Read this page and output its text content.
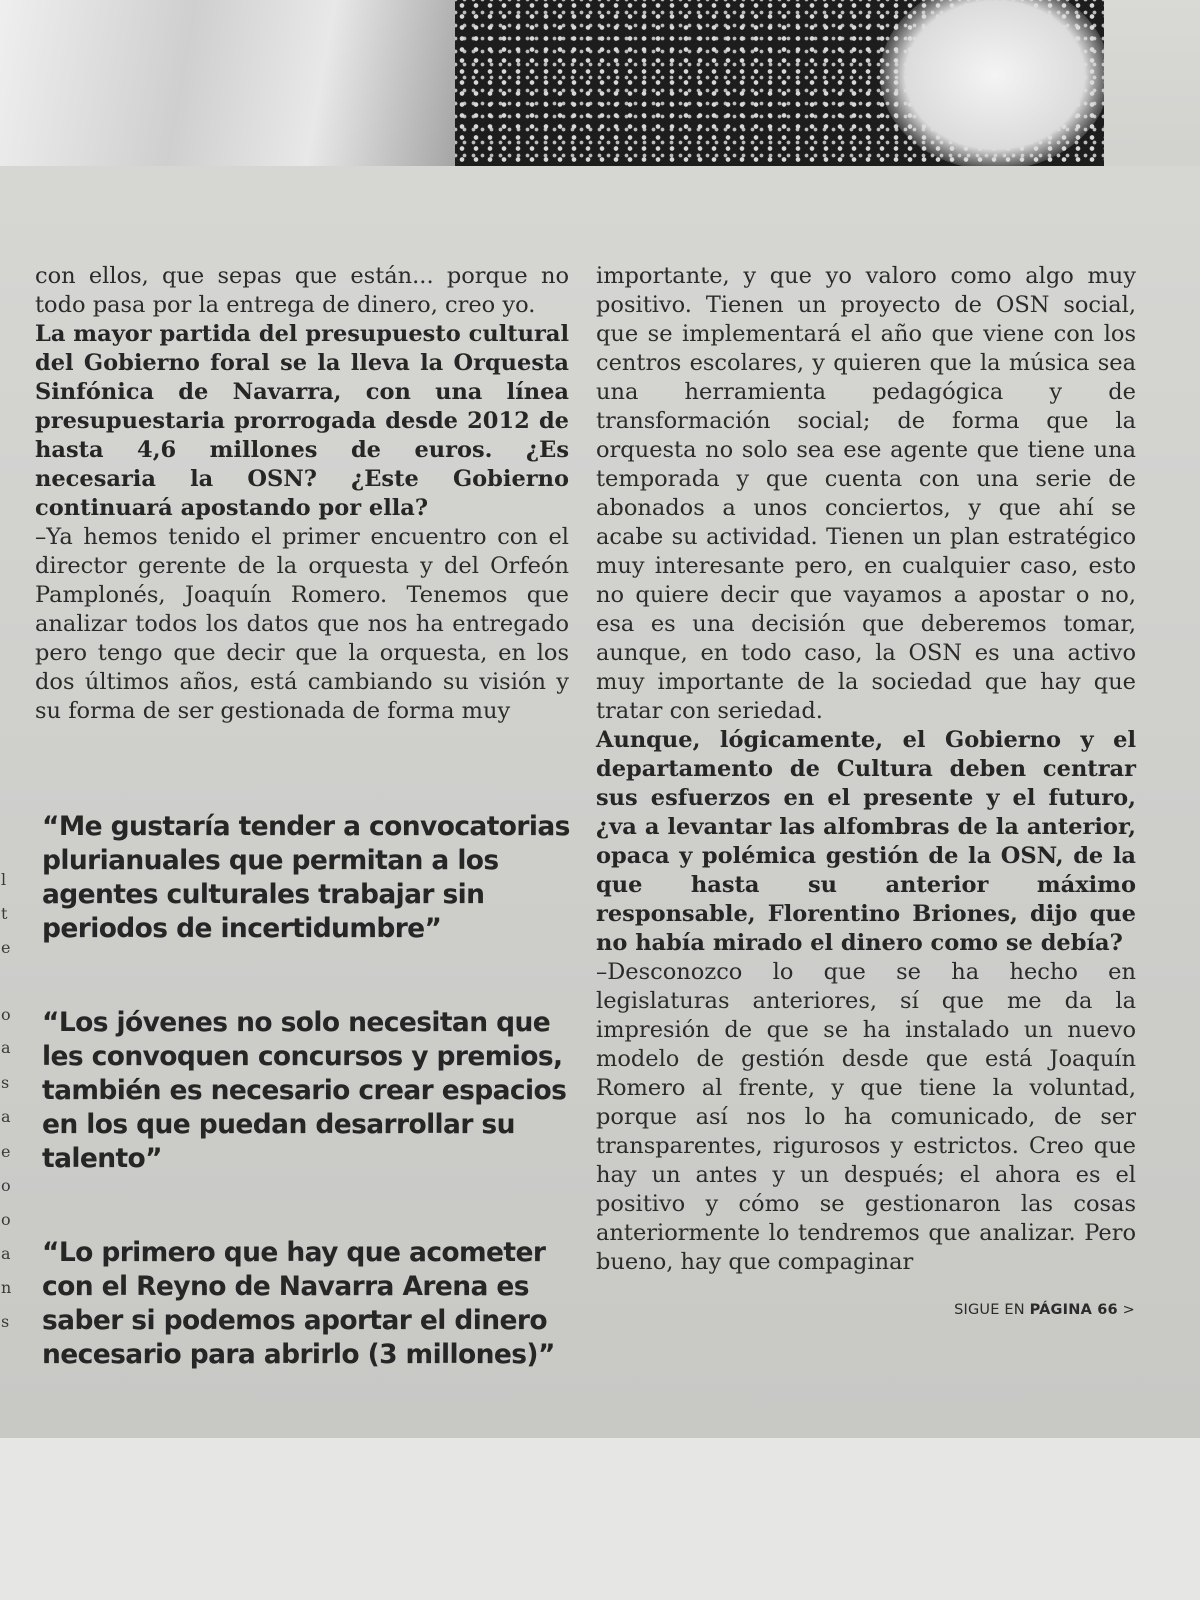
l
t
e
o
a
s
a
e
o
o
a
n
s

con ellos, que sepas que están... porque no todo pasa por la entrega de dinero, creo yo.

La mayor partida del presupuesto cultural del Gobierno foral se la lleva la Orquesta Sinfónica de Navarra, con una línea presupuestaria prorrogada desde 2012 de hasta 4,6 millones de euros. ¿Es necesaria la OSN? ¿Este Gobierno continuará apostando por ella?

–Ya hemos tenido el primer encuentro con el director gerente de la orquesta y del Orfeón Pamplonés, Joaquín Romero. Tenemos que analizar todos los datos que nos ha entregado pero tengo que decir que la orquesta, en los dos últimos años, está cambiando su visión y su forma de ser gestionada de forma muy

“Me gustaría tender a convocatorias plurianuales que permitan a los agentes culturales trabajar sin periodos de incertidumbre”
“Los jóvenes no solo necesitan que les convoquen concursos y premios, también es necesario crear espacios en los que puedan desarrollar su talento”
“Lo primero que hay que acometer con el Reyno de Navarra Arena es saber si podemos aportar el dinero necesario para abrirlo (3 millones)”

importante, y que yo valoro como algo muy positivo. Tienen un proyecto de OSN social, que se implementará el año que viene con los centros escolares, y quieren que la música sea una herramienta pedagógica y de transformación social; de forma que la orquesta no solo sea ese agente que tiene una temporada y que cuenta con una serie de abonados a unos conciertos, y que ahí se acabe su actividad. Tienen un plan estratégico muy interesante pero, en cualquier caso, esto no quiere decir que vayamos a apostar o no, esa es una decisión que deberemos tomar, aunque, en todo caso, la OSN es una activo muy importante de la sociedad que hay que tratar con seriedad.

Aunque, lógicamente, el Gobierno y el departamento de Cultura deben centrar sus esfuerzos en el presente y el futuro, ¿va a levantar las alfombras de la anterior, opaca y polémica gestión de la OSN, de la que hasta su anterior máximo responsable, Florentino Briones, dijo que no había mirado el dinero como se debía?

–Desconozco lo que se ha hecho en legislaturas anteriores, sí que me da la impresión de que se ha instalado un nuevo modelo de gestión desde que está Joaquín Romero al frente, y que tiene la voluntad, porque así nos lo ha comunicado, de ser transparentes, rigurosos y estrictos. Creo que hay un antes y un después; el ahora es el positivo y cómo se gestionaron las cosas anteriormente lo tendremos que analizar. Pero bueno, hay que compaginar

SIGUE EN PÁGINA 66 >
